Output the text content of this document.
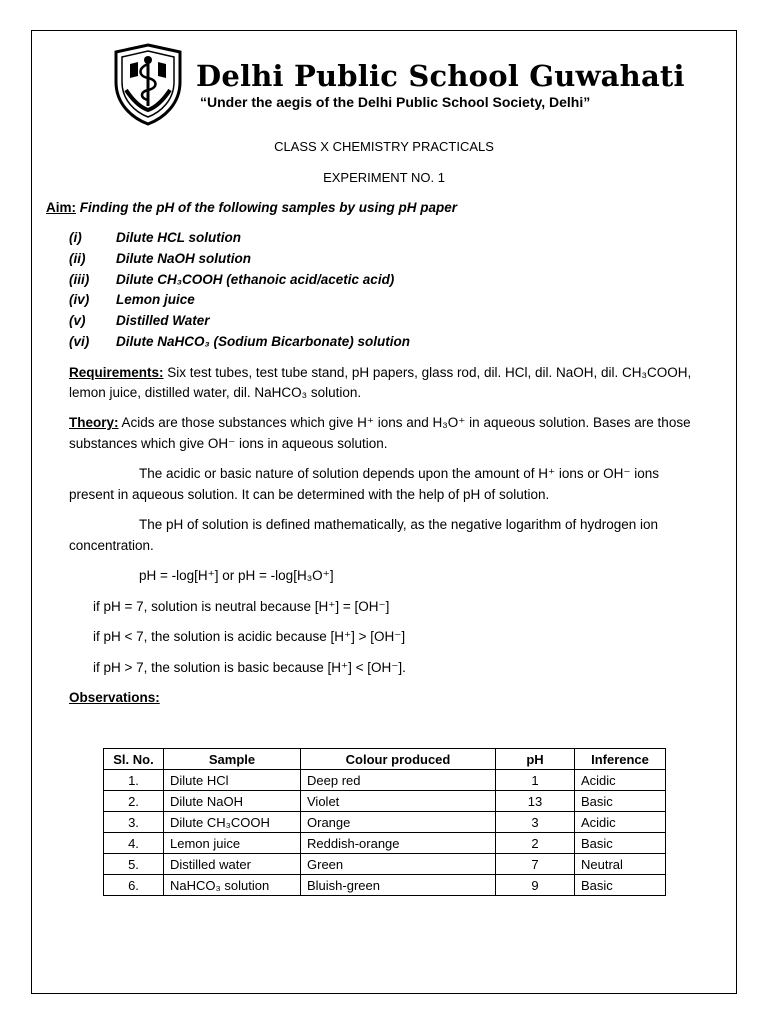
Delhi Public School Guwahati
“Under the aegis of the Delhi Public School Society, Delhi”
CLASS X CHEMISTRY PRACTICALS
EXPERIMENT NO. 1
Aim: Finding the pH of the following samples by using pH paper
(i)	Dilute HCL solution
(ii) Dilute NaOH solution
(iii) Dilute CH₃COOH (ethanoic acid/acetic acid)
(iv) Lemon juice
(v) Distilled Water
(vi) Dilute NaHCO₃ (Sodium Bicarbonate) solution
Requirements: Six test tubes, test tube stand, pH papers, glass rod, dil. HCl, dil. NaOH, dil. CH₃COOH,
lemon juice, distilled water, dil. NaHCO₃ solution.
Theory: Acids are those substances which give H⁺ ions and H₃O⁺ in aqueous solution. Bases are those
substances which give OH⁻ ions in aqueous solution.
The acidic or basic nature of solution depends upon the amount of H⁺ ions or OH⁻ ions
present in aqueous solution. It can be determined with the help of pH of solution.
The pH of solution is defined mathematically, as the negative logarithm of hydrogen ion
concentration.
pH = -log[H⁺] or pH = -log[H₃O⁺]
if pH = 7, solution is neutral because [H⁺] = [OH⁻]
if pH < 7, the solution is acidic because [H⁺] > [OH⁻]
if pH > 7, the solution is basic because [H⁺] < [OH⁻].
Observations:
Sl. No.	Sample	Colour produced	pH	Inference
1.	Dilute HCl	Deep red	1	Acidic
2.	Dilute NaOH	Violet	13	Basic
3.	Dilute CH₃COOH	Orange	3	Acidic
4.	Lemon juice	Reddish-orange	2	Basic
5.	Distilled water	Green	7	Neutral
6.	NaHCO₃ solution	Bluish-green	9	Basic
